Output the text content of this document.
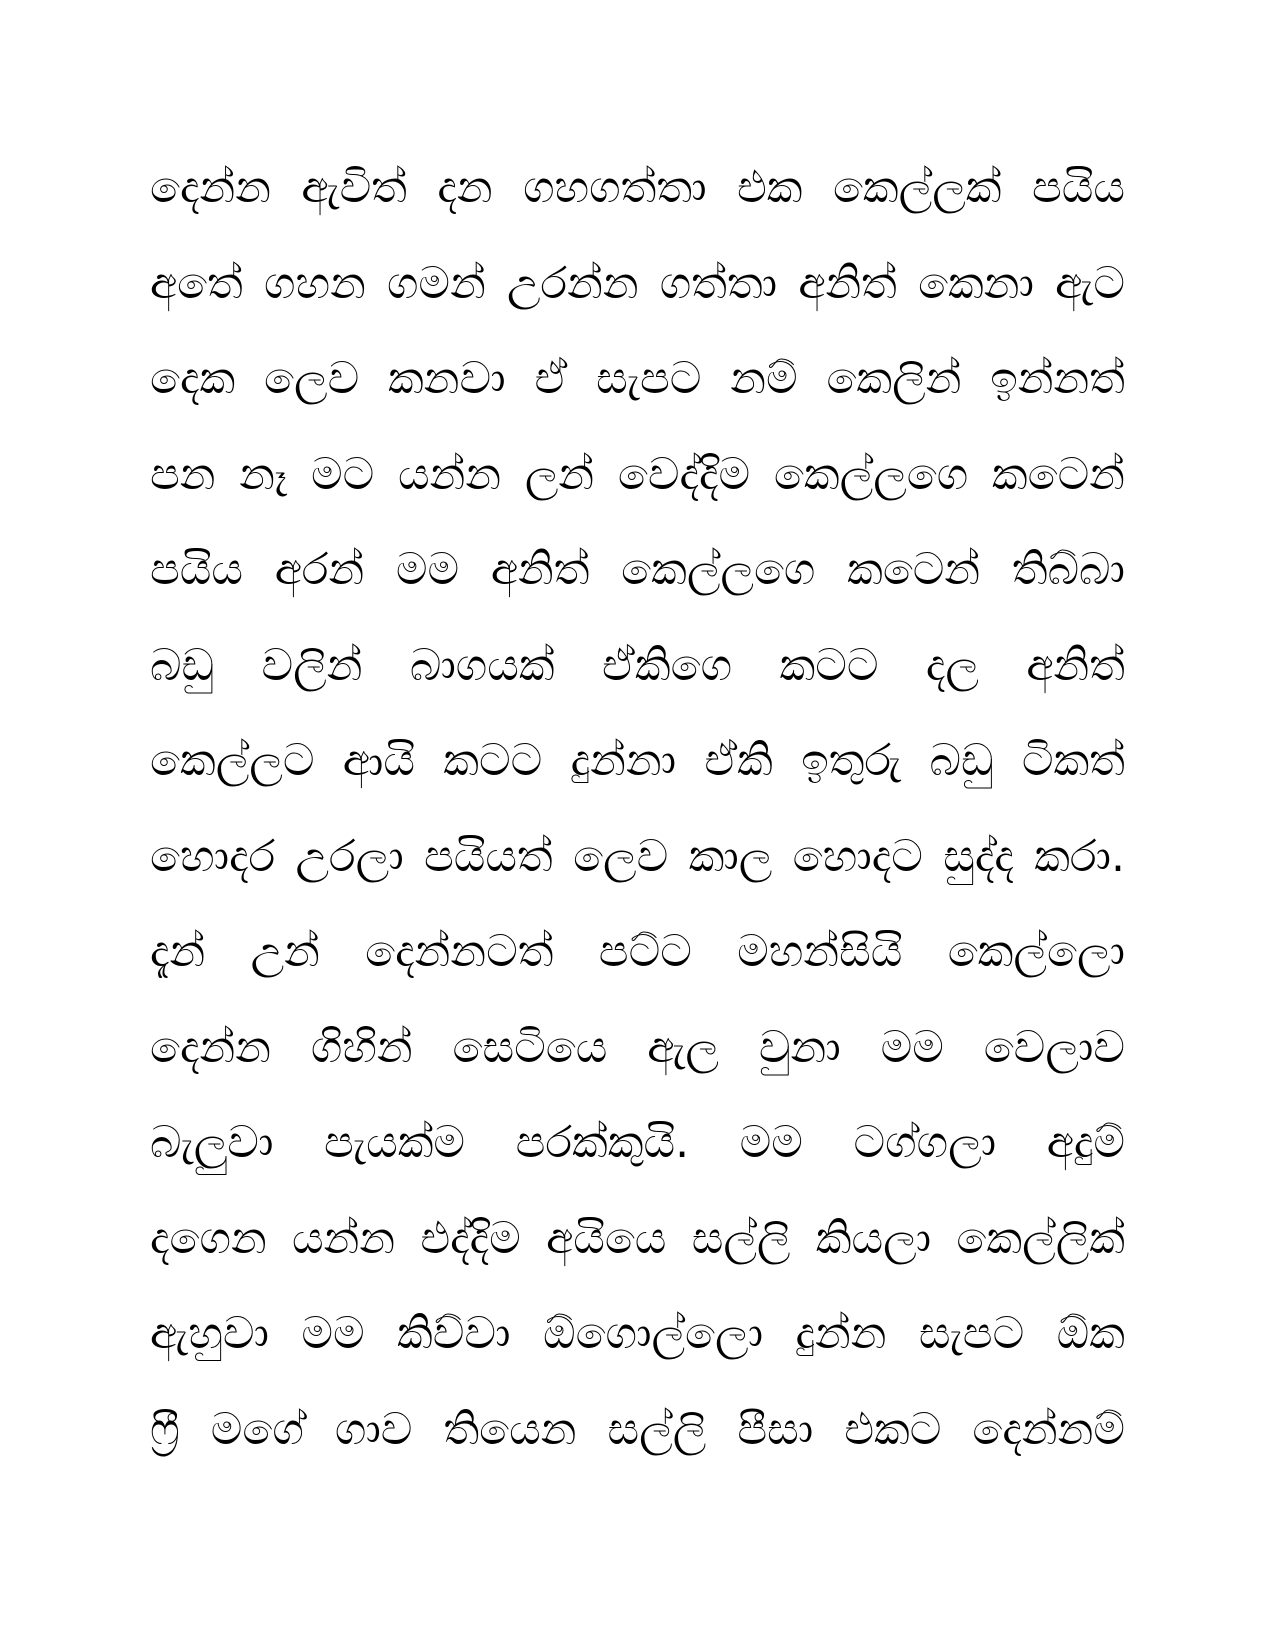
දෙන්න ඇවිත් දන ගහගත්තා එක කෙල්ලක් පයිය
අතේ ගහන ගමන් උරන්න ගත්තා අනිත් කෙනා ඇට
දෙක ලෙව කනවා ඒ සැපට නම් කෙලින් ඉන්නත්
පන නෑ මට යන්න ලන් වෙද්දිම කෙල්ලගෙ කටෙන්
පයිය අරන් මම අනිත් කෙල්ලගෙ කටෙන් තිබ්බා
බඩු වලින් බාගයක් ඒකිගෙ කටට දල අනිත්
කෙල්ලට ආයි කටට දුන්නා ඒකි ඉතුරු බඩු ටිකත්
හොදර උරලා පයියත් ලෙව කාල හොදට සුද්ද කරා.
දැන් උන් දෙන්නටත් පට්ට මහන්සියි කෙල්ලො
දෙන්න ගිහින් සෙටියෙ ඇල වුනා මම වෙලාව
බැලුවා පැයක්ම පරක්කුයි. මම ටග්ගලා අදුම්
දගෙන යන්න එද්දිම අයියෙ සල්ලි කියලා කෙල්ලික්
ඇහුවා මම කිව්වා ඕගොල්ලො දුන්න සැපට ඕක
ෆ්‍රී මගේ ගාව තියෙන සල්ලි පීසා එකට දෙන්නම්
